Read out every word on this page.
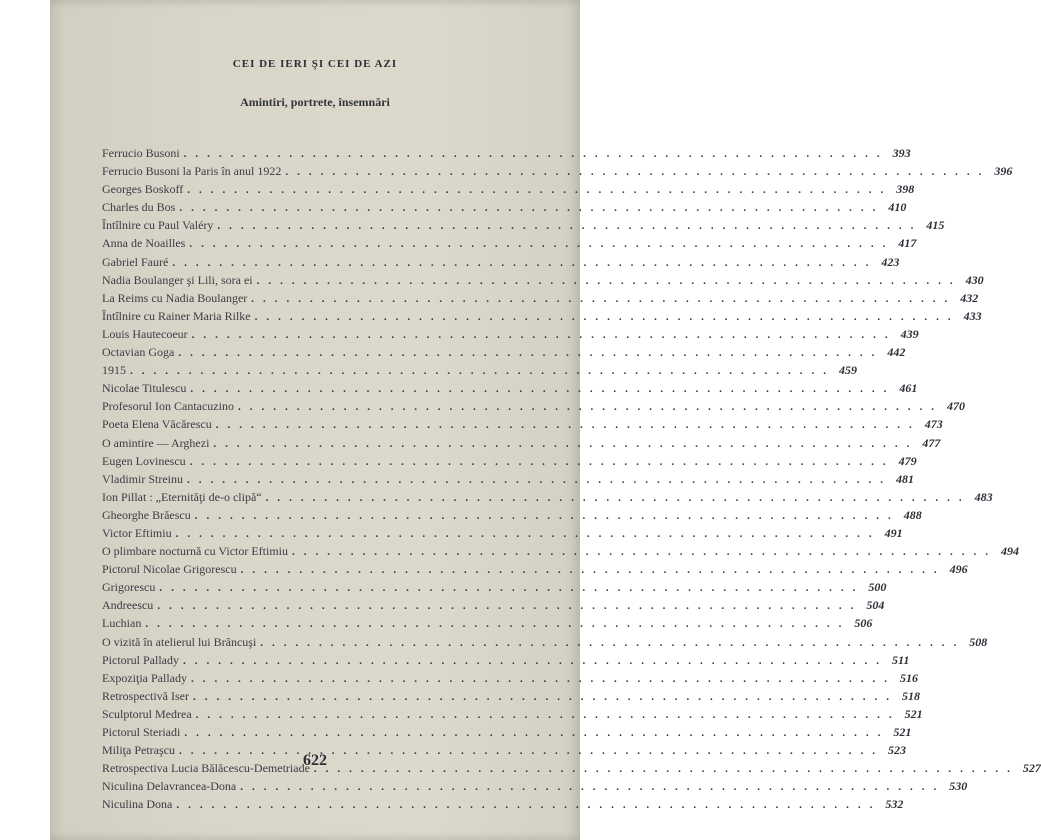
CEI DE IERI ŞI CEI DE AZI
Amintiri, portrete, însemnări
Ferrucio Busoni ............................................................ 393
Ferrucio Busoni la Paris în anul 1922 ............................................................ 396
Georges Boskoff ............................................................ 398
Charles du Bos ............................................................ 410
Întîlnire cu Paul Valéry ............................................................ 415
Anna de Noailles ............................................................ 417
Gabriel Fauré ............................................................ 423
Nadia Boulanger şi Lili, sora ei ............................................................ 430
La Reims cu Nadia Boulanger ............................................................ 432
Întîlnire cu Rainer Maria Rilke ............................................................ 433
Louis Hautecoeur ............................................................ 439
Octavian Goga ............................................................ 442
1915 ............................................................ 459
Nicolae Titulescu ............................................................ 461
Profesorul Ion Cantacuzino ............................................................ 470
Poeta Elena Văcărescu ............................................................ 473
O amintire — Arghezi ............................................................ 477
Eugen Lovinescu ............................................................ 479
Vladimir Streinu ............................................................ 481
Ion Pillat : „Eternităţi de-o clipă“ ............................................................ 483
Gheorghe Brăescu ............................................................ 488
Victor Eftimiu ............................................................ 491
O plimbare nocturnă cu Victor Eftimiu ............................................................ 494
Pictorul Nicolae Grigorescu ............................................................ 496
Grigorescu ............................................................ 500
Andreescu ............................................................ 504
Luchian ............................................................ 506
O vizită în atelierul lui Brâncuşi ............................................................ 508
Pictorul Pallady ............................................................ 511
Expoziţia Pallady ............................................................ 516
Retrospectivă Iser ............................................................ 518
Sculptorul Medrea ............................................................ 521
Pictorul Steriadi ............................................................ 521
Miliţa Petraşcu ............................................................ 523
Retrospectiva Lucia Bălăcescu-Demetriade ............................................................ 527
Niculina Delavrancea-Dona ............................................................ 530
Niculina Dona ............................................................ 532
622
